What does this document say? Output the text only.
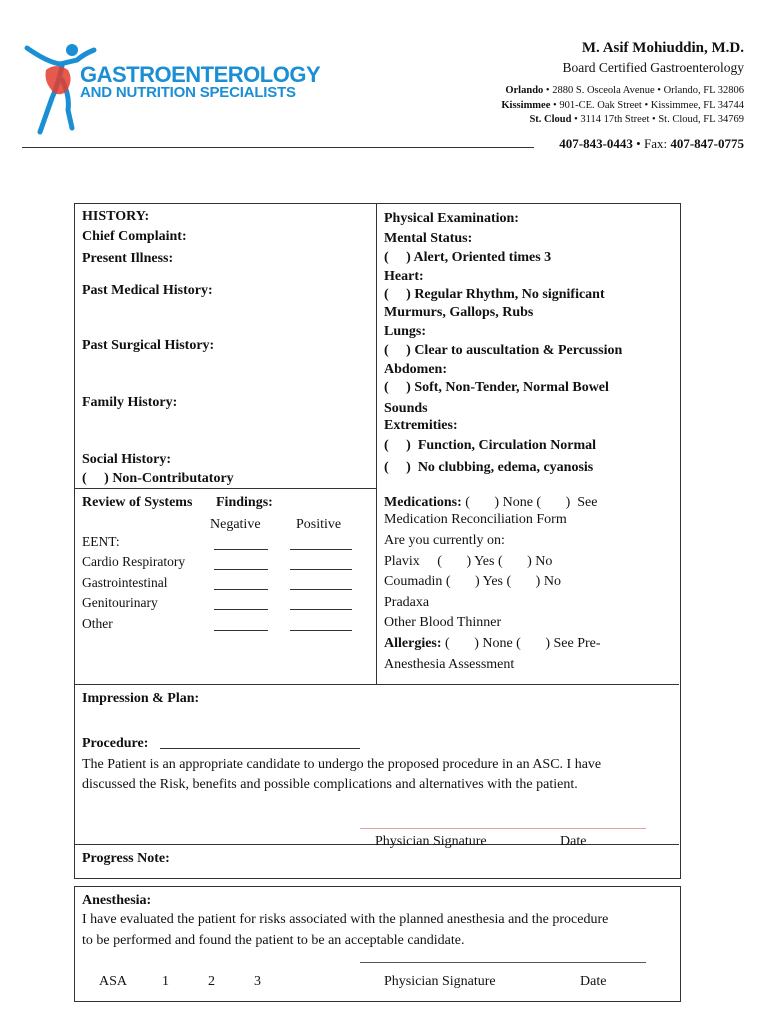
GASTROENTEROLOGY
AND NUTRITION SPECIALISTS
M. Asif Mohiuddin, M.D.
Board Certified Gastroenterology
Orlando • 2880 S. Osceola Avenue • Orlando, FL 32806
Kissimmee • 901-CE. Oak Street • Kissimmee, FL 34744
St. Cloud • 3114 17th Street • St. Cloud, FL 34769
407-843-0443 • Fax: 407-847-0775
HISTORY:
Chief Complaint:
Present Illness:
Past Medical History:
Past Surgical History:
Family History:
Social History:
(     ) Non-Contributatory
Physical Examination:
Mental Status:
(     ) Alert, Oriented times 3
Heart:
(     ) Regular Rhythm, No significant
Murmurs, Gallops, Rubs
Lungs:
(     ) Clear to auscultation & Percussion
Abdomen:
(     ) Soft, Non-Tender, Normal Bowel
Sounds
Extremities:
(     )  Function, Circulation Normal
(     )  No clubbing, edema, cyanosis
Review of Systems Findings:
Negative	Positive
EENT:
Cardio Respiratory
Gastrointestinal
Genitourinary
Other
Medications: (       ) None (       )  See
Medication Reconciliation Form
Are you currently on:
Plavix     (       ) Yes (       ) No
Coumadin (       ) Yes (       ) No
Pradaxa
Other Blood Thinner
Allergies: (       ) None (       ) See Pre-
Anesthesia Assessment
Impression & Plan:
Procedure:
The Patient is an appropriate candidate to undergo the proposed procedure in an ASC. I have
discussed the Risk, benefits and possible complications and alternatives with the patient.
Physician Signature	Date
Progress Note:
Anesthesia:
I have evaluated the patient for risks associated with the planned anesthesia and the procedure
to be performed and found the patient to be an acceptable candidate.
ASA 1	2	3	Physician Signature	Date
